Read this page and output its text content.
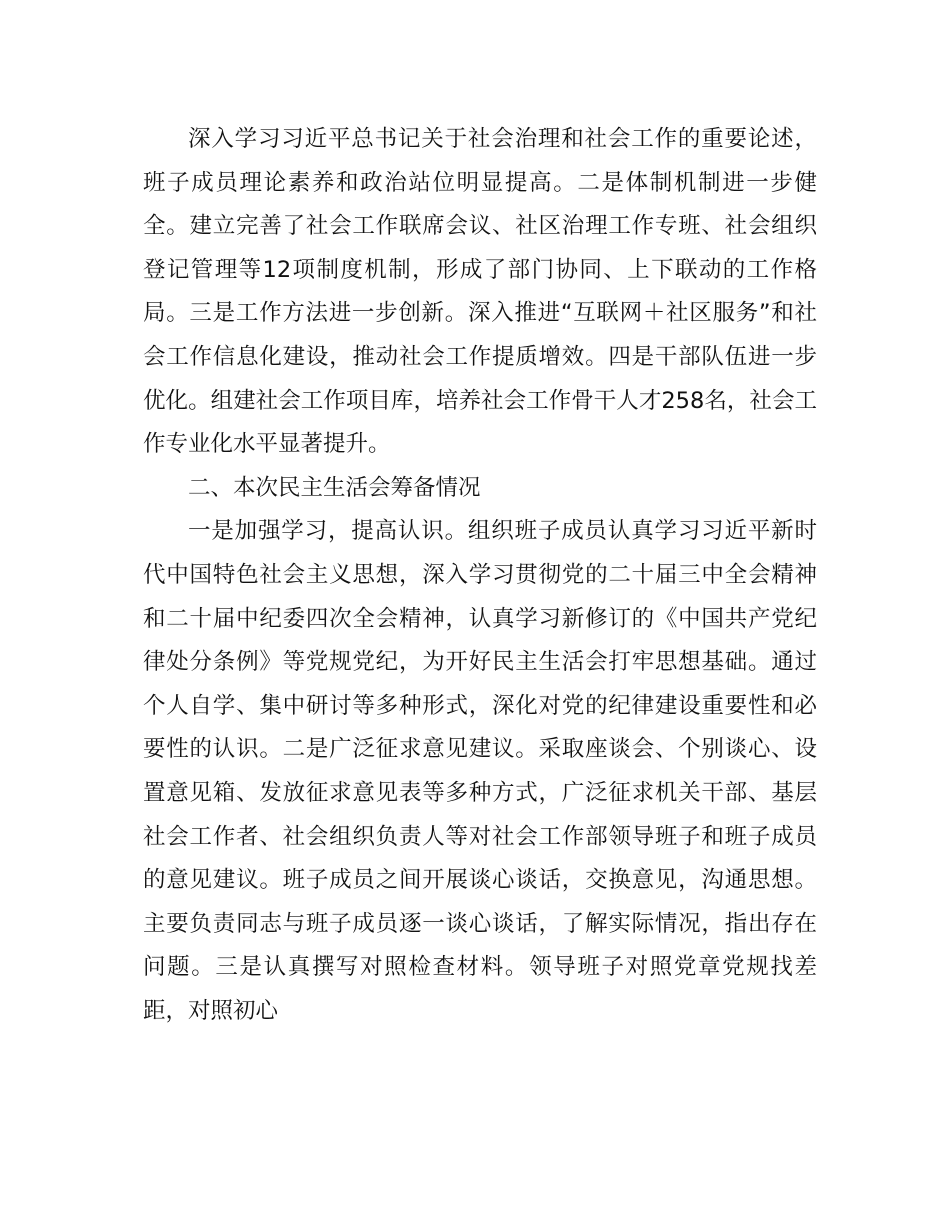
深入学习习近平总书记关于社会治理和社会工作的重要论述，班子成员理论素养和政治站位明显提高。二是体制机制进一步健全。建立完善了社会工作联席会议、社区治理工作专班、社会组织登记管理等12项制度机制，形成了部门协同、上下联动的工作格局。三是工作方法进一步创新。深入推进“互联网＋社区服务”和社会工作信息化建设，推动社会工作提质增效。四是干部队伍进一步优化。组建社会工作项目库，培养社会工作骨干人才258名，社会工作专业化水平显著提升。

二、本次民主生活会筹备情况

一是加强学习，提高认识。组织班子成员认真学习习近平新时代中国特色社会主义思想，深入学习贯彻党的二十届三中全会精神和二十届中纪委四次全会精神，认真学习新修订的《中国共产党纪律处分条例》等党规党纪，为开好民主生活会打牢思想基础。通过个人自学、集中研讨等多种形式，深化对党的纪律建设重要性和必要性的认识。二是广泛征求意见建议。采取座谈会、个别谈心、设置意见箱、发放征求意见表等多种方式，广泛征求机关干部、基层社会工作者、社会组织负责人等对社会工作部领导班子和班子成员的意见建议。班子成员之间开展谈心谈话，交换意见，沟通思想。主要负责同志与班子成员逐一谈心谈话，了解实际情况，指出存在问题。三是认真撰写对照检查材料。领导班子对照党章党规找差距，对照初心
